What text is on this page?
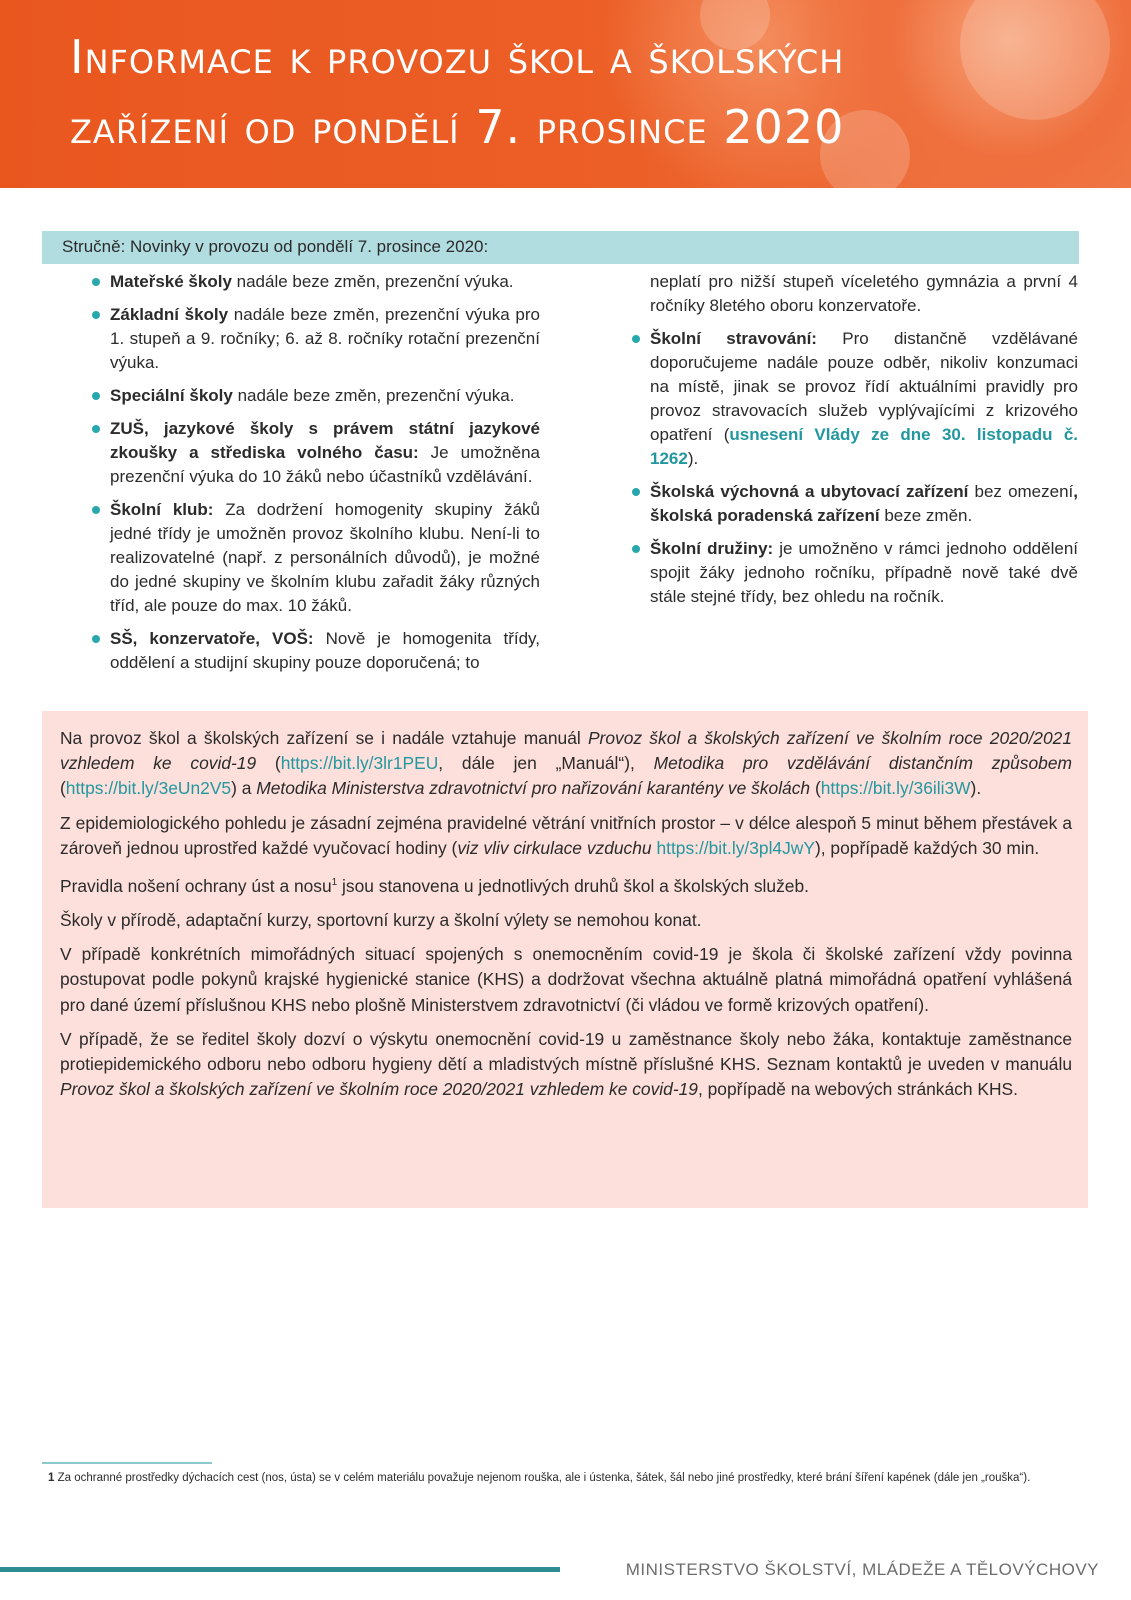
Informace k provozu škol a školských
zařízení od pondělí 7. prosince 2020
Stručně: Novinky v provozu od pondělí 7. prosince 2020:
Mateřské školy nadále beze změn, prezenční výuka.
Základní školy nadále beze změn, prezenční výuka pro 1. stupeň a 9. ročníky; 6. až 8. ročníky rotační prezenční výuka.
Speciální školy nadále beze změn, prezenční výuka.
ZUŠ, jazykové školy s právem státní jazykové zkoušky a střediska volného času: Je umožněna prezenční výuka do 10 žáků nebo účastníků vzdělávání.
Školní klub: Za dodržení homogenity skupiny žáků jedné třídy je umožněn provoz školního klubu. Není-li to realizovatelné (např. z personálních důvodů), je možné do jedné skupiny ve školním klubu zařadit žáky různých tříd, ale pouze do max. 10 žáků.
SŠ, konzervatoře, VOŠ: Nově je homogenita třídy, oddělení a studijní skupiny pouze doporučená; to
neplatí pro nižší stupeň víceletého gymnázia a první 4 ročníky 8letého oboru konzervatoře.
Školní stravování: Pro distančně vzdělávané doporučujeme nadále pouze odběr, nikoliv konzumaci na místě, jinak se provoz řídí aktuálními pravidly pro provoz stravovacích služeb vyplývajícími z krizového opatření (usnesení Vlády ze dne 30. listopadu č. 1262).
Školská výchovná a ubytovací zařízení bez omezení, školská poradenská zařízení beze změn.
Školní družiny: je umožněno v rámci jednoho oddělení spojit žáky jednoho ročníku, případně nově také dvě stále stejné třídy, bez ohledu na ročník.

Na provoz škol a školských zařízení se i nadále vztahuje manuál Provoz škol a školských zařízení ve školním roce 2020/2021 vzhledem ke covid-19 (https://bit.ly/3lr1PEU, dále jen „Manuál“), Metodika pro vzdělávání distančním způsobem (https://bit.ly/3eUn2V5) a Metodika Ministerstva zdravotnictví pro nařizování karantény ve školách (https://bit.ly/36ili3W).

Z epidemiologického pohledu je zásadní zejména pravidelné větrání vnitřních prostor – v délce alespoň 5 minut během přestávek a zároveň jednou uprostřed každé vyučovací hodiny (viz vliv cirkulace vzduchu https://bit.ly/3pl4JwY), popřípadě každých 30 min.

Pravidla nošení ochrany úst a nosu$^1$ jsou stanovena u jednotlivých druhů škol a školských služeb.

Školy v přírodě, adaptační kurzy, sportovní kurzy a školní výlety se nemohou konat.

V případě konkrétních mimořádných situací spojených s onemocněním covid-19 je škola či školské zařízení vždy povinna postupovat podle pokynů krajské hygienické stanice (KHS) a dodržovat všechna aktuálně platná mimořádná opatření vyhlášená pro dané území příslušnou KHS nebo plošně Ministerstvem zdravotnictví (či vládou ve formě krizových opatření).

V případě, že se ředitel školy dozví o výskytu onemocnění covid-19 u zaměstnance školy nebo žáka, kontaktuje zaměstnance protiepidemického odboru nebo odboru hygieny dětí a mladistvých místně příslušné KHS. Seznam kontaktů je uveden v manuálu Provoz škol a školských zařízení ve školním roce 2020/2021 vzhledem ke covid-19, popřípadě na webových stránkách KHS.

1 Za ochranné prostředky dýchacích cest (nos, ústa) se v celém materiálu považuje nejenom rouška, ale i ústenka, šátek, šál nebo jiné prostředky, které brání šíření kapének (dále jen „rouška“).
MINISTERSTVO ŠKOLSTVÍ, MLÁDEŽE A TĚLOVÝCHOVY
